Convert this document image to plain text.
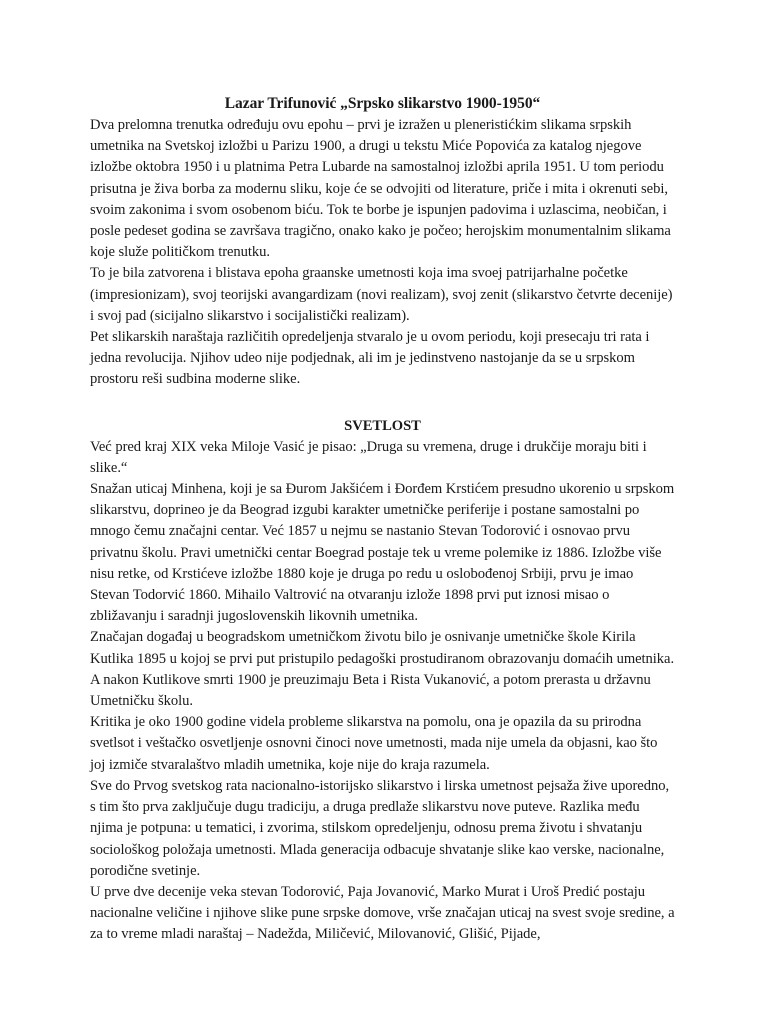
Lazar Trifunović „Srpsko slikarstvo 1900-1950“

Dva prelomna trenutka određuju ovu epohu – prvi je izražen u pleneristićkim slikama srpskih umetnika na Svetskoj izložbi u Parizu 1900, a drugi u tekstu Miće Popovića za katalog njegove izložbe oktobra 1950 i u platnima Petra Lubarde na samostalnoj izložbi aprila 1951. U tom periodu prisutna je živa borba za modernu sliku, koje će se odvojiti od literature, priče i mita i okrenuti sebi, svoim zakonima i svom osobenom biću. Tok te borbe je ispunjen padovima i uzlascima, neobičan, i posle pedeset godina se završava tragično, onako kako je počeo; herojskim monumentalnim slikama koje služe političkom trenutku.

To je bila zatvorena i blistava epoha graanske umetnosti koja ima svoej patrijarhalne početke (impresionizam), svoj teorijski avangardizam (novi realizam), svoj zenit (slikarstvo četvrte decenije) i svoj pad (sicijalno slikarstvo i socijalistički realizam).

Pet slikarskih naraštaja različitih opredeljenja stvaralo je u ovom periodu, koji presecaju tri rata i jedna revolucija. Njihov udeo nije podjednak, ali im je jedinstveno nastojanje da se u srpskom prostoru reši sudbina moderne slike.

SVETLOST

Već pred kraj XIX veka Miloje Vasić je pisao: „Druga su vremena, druge i drukčije moraju biti i slike.“

Snažan uticaj Minhena, koji je sa Đurom Jakšićem i Đorđem Krstićem presudno ukorenio u srpskom slikarstvu, doprineo je da Beograd izgubi karakter umetničke periferije i postane samostalni po mnogo čemu značajni centar. Već 1857 u nejmu se nastanio Stevan Todorović i osnovao prvu privatnu školu. Pravi umetnički centar Boegrad postaje tek u vreme polemike iz 1886. Izložbe više nisu retke, od Krstićeve izložbe 1880 koje je druga po redu u oslobođenoj Srbiji, prvu je imao Stevan Todorvić 1860. Mihailo Valtrović na otvaranju izlože 1898 prvi put iznosi misao o zbližavanju i saradnji jugoslovenskih likovnih umetnika.

Značajan događaj u beogradskom umetničkom životu bilo je osnivanje umetničke škole Kirila Kutlika 1895 u kojoj se prvi put pristupilo pedagoški prostudiranom obrazovanju domaćih umetnika. A nakon Kutlikove smrti 1900 je preuzimaju Beta i Rista Vukanović, a potom prerasta u državnu Umetničku školu.

Kritika je oko 1900 godine videla probleme slikarstva na pomolu, ona je opazila da su prirodna svetlsot i veštačko osvetljenje osnovni činoci nove umetnosti, mada nije umela da objasni, kao što joj izmiče stvaralaštvo mladih umetnika, koje nije do kraja razumela.

Sve do Prvog svetskog rata nacionalno-istorijsko slikarstvo i lirska umetnost pejsaža žive uporedno, s tim što prva zaključuje dugu tradiciju, a druga predlaže slikarstvu nove puteve. Razlika među njima je potpuna: u tematici, i zvorima, stilskom opredeljenju, odnosu prema životu i shvatanju sociološkog položaja umetnosti. Mlada generacija odbacuje shvatanje slike kao verske, nacionalne, porodične svetinje.

U prve dve decenije veka stevan Todorović, Paja Jovanović, Marko Murat i Uroš Predić postaju nacionalne veličine i njihove slike pune srpske domove, vrše značajan uticaj na svest svoje sredine, a za to vreme mladi naraštaj – Nadežda, Miličević, Milovanović, Glišić, Pijade,
